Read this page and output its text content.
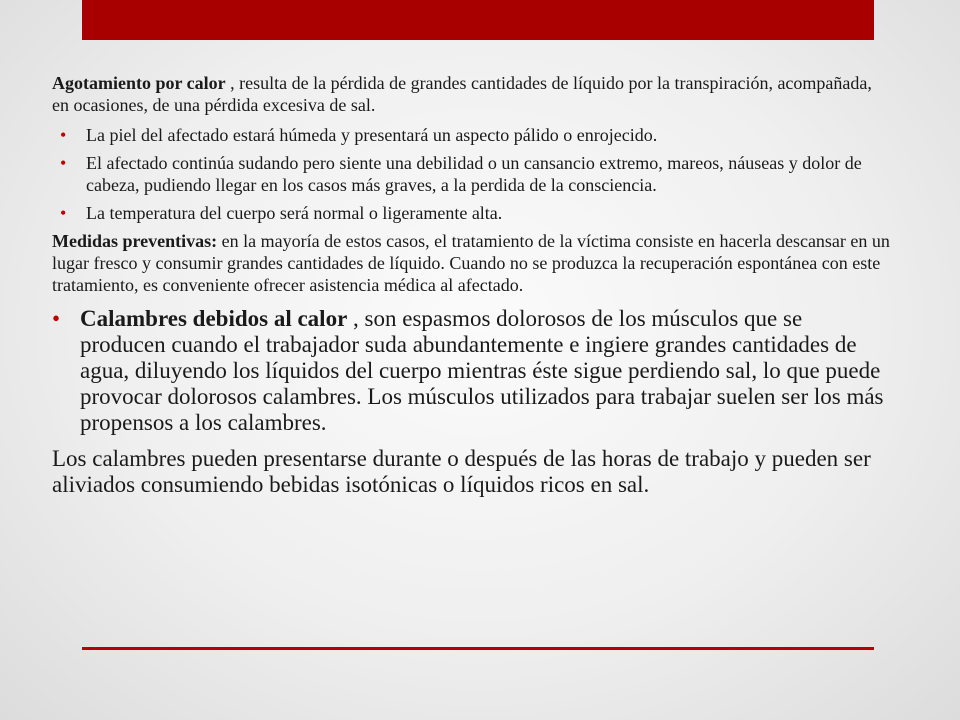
Agotamiento por calor , resulta de la pérdida de grandes cantidades de líquido por la transpiración, acompañada, en ocasiones, de una pérdida excesiva de sal.

• La piel del afectado estará húmeda y presentará un aspecto pálido o enrojecido.
• El afectado continúa sudando pero siente una debilidad o un cansancio extremo, mareos, náuseas y dolor de cabeza, pudiendo llegar en los casos más graves, a la perdida de la consciencia.
• La temperatura del cuerpo será normal o ligeramente alta.

Medidas preventivas: en la mayoría de estos casos, el tratamiento de la víctima consiste en hacerla descansar en un lugar fresco y consumir grandes cantidades de líquido. Cuando no se produzca la recuperación espontánea con este tratamiento, es conveniente ofrecer asistencia médica al afectado.

• Calambres debidos al calor , son espasmos dolorosos de los músculos que se producen cuando el trabajador suda abundantemente e ingiere grandes cantidades de agua, diluyendo los líquidos del cuerpo mientras éste sigue perdiendo sal, lo que puede provocar dolorosos calambres. Los músculos utilizados para trabajar suelen ser los más propensos a los calambres.

Los calambres pueden presentarse durante o después de las horas de trabajo y pueden ser aliviados consumiendo bebidas isotónicas o líquidos ricos en sal.
